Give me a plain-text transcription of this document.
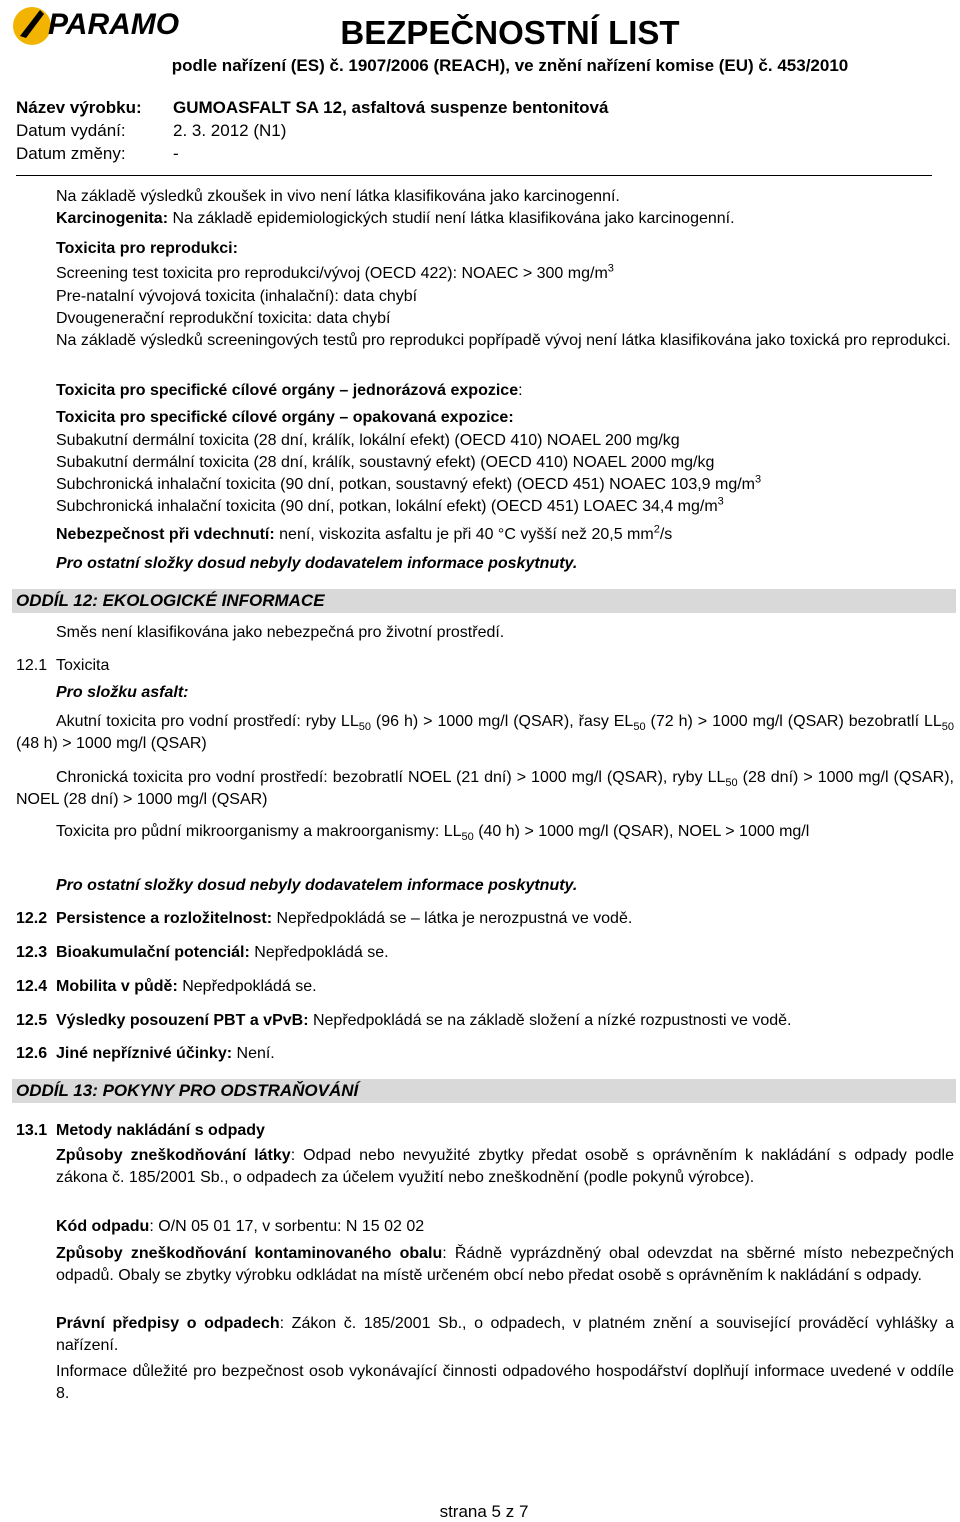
PARAMO	BEZPEČNOSTNÍ LIST
podle nařízení (ES) č. 1907/2006 (REACH), ve znění nařízení komise (EU) č. 453/2010
Název výrobku: GUMOASFALT SA 12, asfaltová suspenze bentonitová
Datum vydání:	2. 3. 2012 (N1)
Datum změny:	-
Na základě výsledků zkoušek in vivo není látka klasifikována jako karcinogenní.
Karcinogenita: Na základě epidemiologických studií není látka klasifikována jako karcinogenní.
Toxicita pro reprodukci:
Screening test toxicita pro reprodukci/vývoj (OECD 422): NOAEC > 300 $mg/m^3$
Pre-natalní vývojová toxicita (inhalační): data chybí
Dvougenerační reprodukční toxicita: data chybí
Na základě výsledků screeningových testů pro reprodukci popřípadě vývoj není látka klasifikována jako toxická pro reprodukci.
Toxicita pro specifické cílové orgány – jednorázová expozice:
Toxicita pro specifické cílové orgány – opakovaná expozice:
Subakutní dermální toxicita (28 dní, králík, lokální efekt) (OECD 410) NOAEL 200 mg/kg
Subakutní dermální toxicita (28 dní, králík, soustavný efekt) (OECD 410) NOAEL 2000 mg/kg
Subchronická inhalační toxicita (90 dní, potkan, soustavný efekt) (OECD 451) NOAEC 103,9 $mg/m^3$
Subchronická inhalační toxicita (90 dní, potkan, lokální efekt) (OECD 451) LOAEC 34,4 $mg/m^3$
Nebezpečnost při vdechnutí: není, viskozita asfaltu je při 40 °C vyšší než 20,5 $mm^2/s$
Pro ostatní složky dosud nebyly dodavatelem informace poskytnuty.
ODDÍL 12: EKOLOGICKÉ INFORMACE
Směs není klasifikována jako nebezpečná pro životní prostředí.
12.1 Toxicita
Pro složku asfalt:
Akutní toxicita pro vodní prostředí: ryby $LL_{50}$ (96 h) > 1000 mg/l (QSAR), řasy $EL_{50}$ (72 h) > 1000 mg/l (QSAR) bezobratlí $LL_{50}$ (48 h) > 1000 mg/l (QSAR)
Chronická toxicita pro vodní prostředí: bezobratlí NOEL (21 dní) > 1000 mg/l (QSAR), ryby $LL_{50}$ (28 dní) > 1000 mg/l (QSAR), NOEL (28 dní) > 1000 mg/l (QSAR)
Toxicita pro půdní mikroorganismy a makroorganismy: $LL_{50}$ (40 h) > 1000 mg/l (QSAR), NOEL > 1000 mg/l
Pro ostatní složky dosud nebyly dodavatelem informace poskytnuty.
12.2 Persistence a rozložitelnost: Nepředpokládá se – látka je nerozpustná ve vodě.
12.3 Bioakumulační potenciál: Nepředpokládá se.
12.4 Mobilita v půdě: Nepředpokládá se.
12.5 Výsledky posouzení PBT a vPvB: Nepředpokládá se na základě složení a nízké rozpustnosti ve vodě.
12.6 Jiné nepříznivé účinky: Není.
ODDÍL 13: POKYNY PRO ODSTRAŇOVÁNÍ
13.1 Metody nakládání s odpady
Způsoby zneškodňování látky: Odpad nebo nevyužité zbytky předat osobě s oprávněním k nakládání s odpady podle zákona č. 185/2001 Sb., o odpadech za účelem využití nebo zneškodnění (podle pokynů výrobce).
Kód odpadu: O/N 05 01 17, v sorbentu: N 15 02 02
Způsoby zneškodňování kontaminovaného obalu: Řádně vyprázdněný obal odevzdat na sběrné místo nebezpečných odpadů. Obaly se zbytky výrobku odkládat na místě určeném obcí nebo předat osobě s oprávněním k nakládání s odpady.
Právní předpisy o odpadech: Zákon č. 185/2001 Sb., o odpadech, v platném znění a související prováděcí vyhlášky a nařízení.
Informace důležité pro bezpečnost osob vykonávající činnosti odpadového hospodářství doplňují informace uvedené v oddíle 8.
strana 5 z 7
